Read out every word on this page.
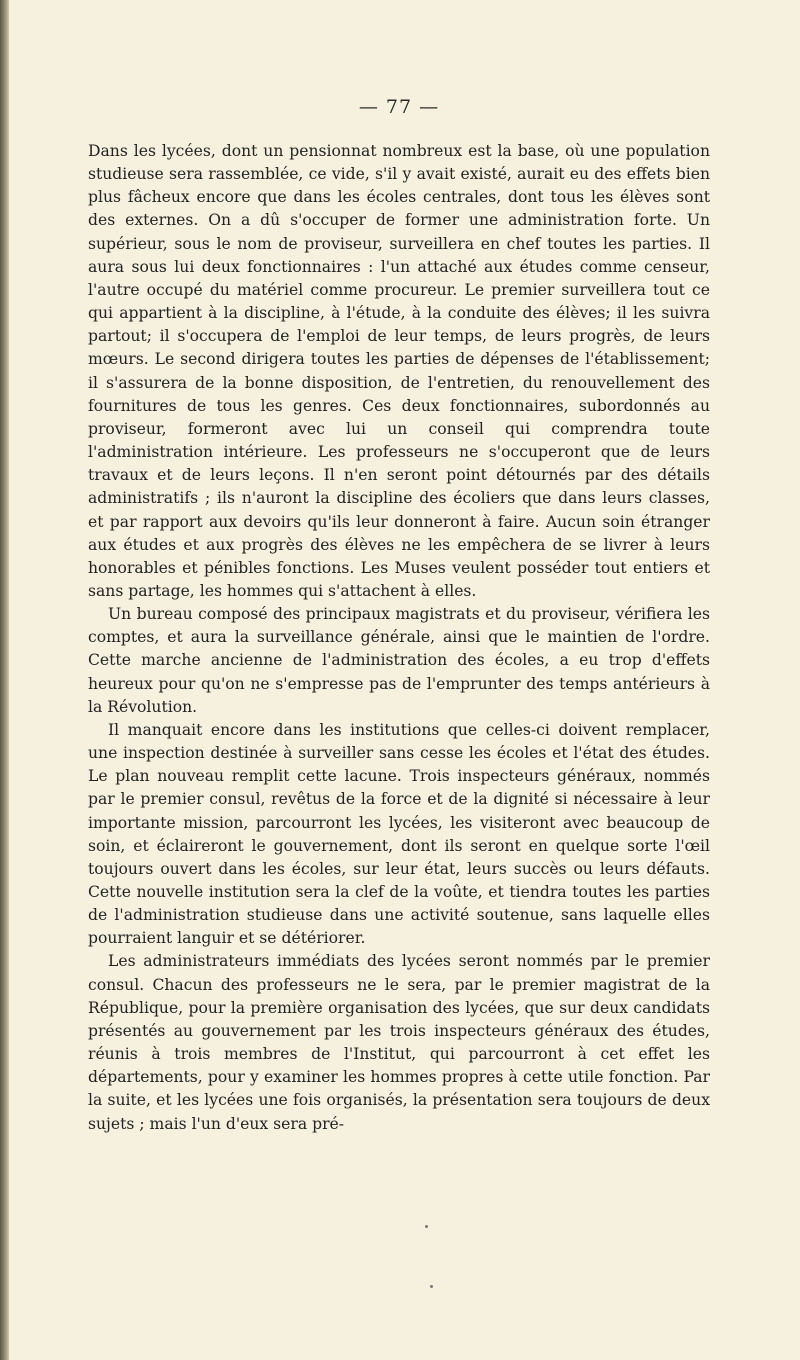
— 77 —

Dans les lycées, dont un pensionnat nombreux est la base, où une population studieuse sera rassemblée, ce vide, s'il y avait existé, aurait eu des effets bien plus fâcheux encore que dans les écoles centrales, dont tous les élèves sont des externes. On a dû s'occuper de former une administration forte. Un supérieur, sous le nom de proviseur, surveillera en chef toutes les parties. Il aura sous lui deux fonctionnaires : l'un attaché aux études comme censeur, l'autre occupé du matériel comme procureur. Le premier surveillera tout ce qui appartient à la discipline, à l'étude, à la conduite des élèves; il les suivra partout; il s'occupera de l'emploi de leur temps, de leurs progrès, de leurs mœurs. Le second dirigera toutes les parties de dépenses de l'établissement; il s'assurera de la bonne disposition, de l'entretien, du renouvellement des fournitures de tous les genres. Ces deux fonctionnaires, subordonnés au proviseur, formeront avec lui un conseil qui comprendra toute l'administration intérieure. Les professeurs ne s'occuperont que de leurs travaux et de leurs leçons. Il n'en seront point détournés par des détails administratifs ; ils n'auront la discipline des écoliers que dans leurs classes, et par rapport aux devoirs qu'ils leur donneront à faire. Aucun soin étranger aux études et aux progrès des élèves ne les empêchera de se livrer à leurs honorables et pénibles fonctions. Les Muses veulent posséder tout entiers et sans partage, les hommes qui s'attachent à elles.

Un bureau composé des principaux magistrats et du proviseur, vérifiera les comptes, et aura la surveillance générale, ainsi que le maintien de l'ordre. Cette marche ancienne de l'administration des écoles, a eu trop d'effets heureux pour qu'on ne s'empresse pas de l'emprunter des temps antérieurs à la Révolution.

Il manquait encore dans les institutions que celles-ci doivent remplacer, une inspection destinée à surveiller sans cesse les écoles et l'état des études. Le plan nouveau remplit cette lacune. Trois inspecteurs généraux, nommés par le premier consul, revêtus de la force et de la dignité si nécessaire à leur importante mission, parcourront les lycées, les visiteront avec beaucoup de soin, et éclaireront le gouvernement, dont ils seront en quelque sorte l'œil toujours ouvert dans les écoles, sur leur état, leurs succès ou leurs défauts. Cette nouvelle institution sera la clef de la voûte, et tiendra toutes les parties de l'administration studieuse dans une activité soutenue, sans laquelle elles pourraient languir et se détériorer.

Les administrateurs immédiats des lycées seront nommés par le premier consul. Chacun des professeurs ne le sera, par le premier magistrat de la République, pour la première organisation des lycées, que sur deux candidats présentés au gouvernement par les trois inspecteurs généraux des études, réunis à trois membres de l'Institut, qui parcourront à cet effet les départements, pour y examiner les hommes propres à cette utile fonction. Par la suite, et les lycées une fois organisés, la présentation sera toujours de deux sujets ; mais l'un d'eux sera pré-
